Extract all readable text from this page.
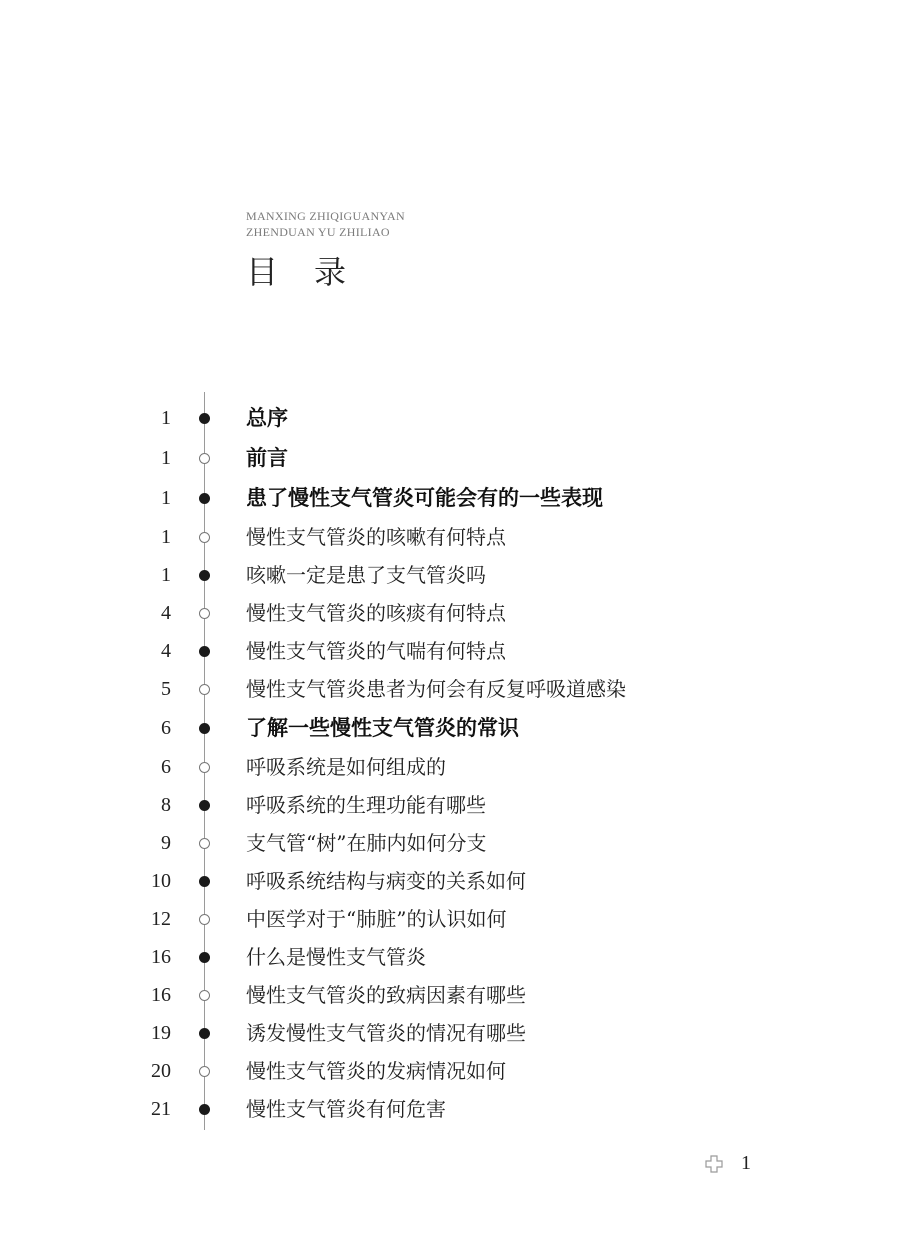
MANXING ZHIQIGUANYAN
ZHENDUAN YU ZHILIAO
目录
1	总序
1	前言
1	患了慢性支气管炎可能会有的一些表现
1	慢性支气管炎的咳嗽有何特点
1	咳嗽一定是患了支气管炎吗
4	慢性支气管炎的咳痰有何特点
4	慢性支气管炎的气喘有何特点
5	慢性支气管炎患者为何会有反复呼吸道感染
6	了解一些慢性支气管炎的常识
6	呼吸系统是如何组成的
8	呼吸系统的生理功能有哪些
9	支气管“树”在肺内如何分支
10	呼吸系统结构与病变的关系如何
12	中医学对于“肺脏”的认识如何
16	什么是慢性支气管炎
16	慢性支气管炎的致病因素有哪些
19	诱发慢性支气管炎的情况有哪些
20	慢性支气管炎的发病情况如何
21	慢性支气管炎有何危害
1
